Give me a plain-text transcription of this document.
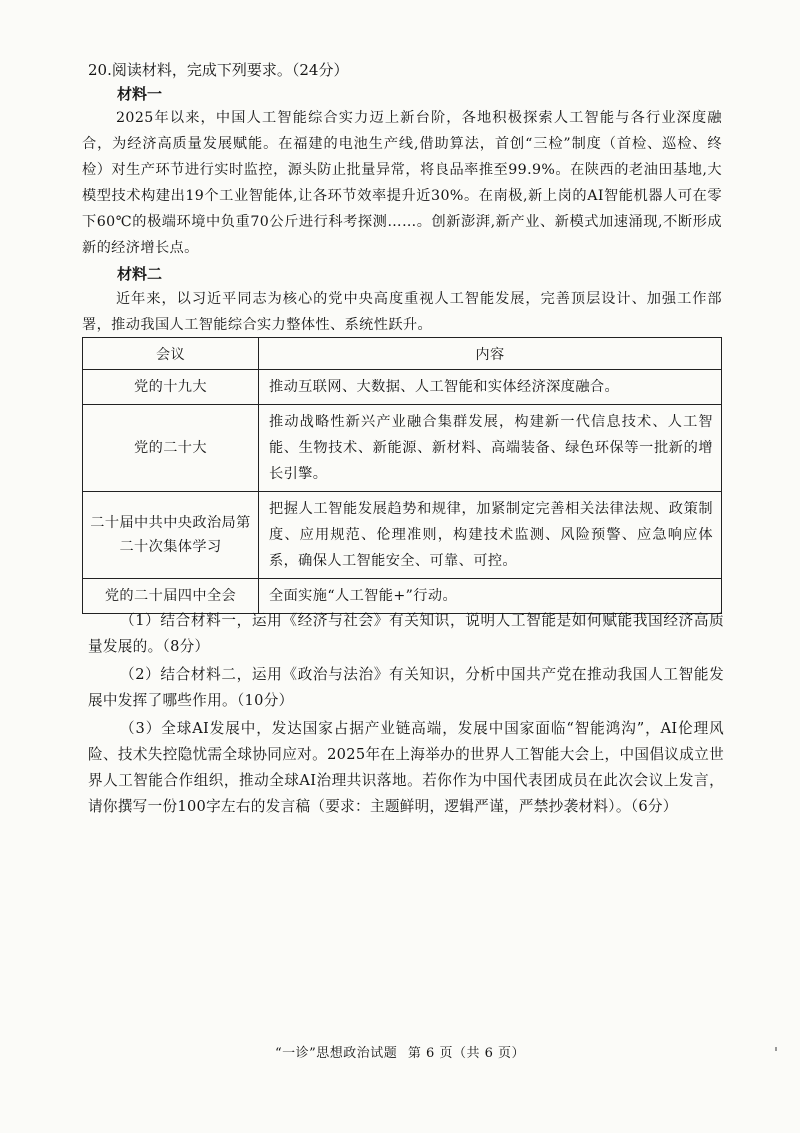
20.阅读材料，完成下列要求。（24分）
材料一
2025年以来，中国人工智能综合实力迈上新台阶，各地积极探索人工智能与各行业深度融合，为经济高质量发展赋能。在福建的电池生产线,借助算法，首创“三检”制度（首检、巡检、终检）对生产环节进行实时监控，源头防止批量异常，将良品率推至99.9%。在陕西的老油田基地,大模型技术构建出19个工业智能体,让各环节效率提升近30%。在南极,新上岗的AI智能机器人可在零下60℃的极端环境中负重70公斤进行科考探测……。创新澎湃,新产业、新模式加速涌现,不断形成新的经济增长点。
材料二
近年来，以习近平同志为核心的党中央高度重视人工智能发展，完善顶层设计、加强工作部署，推动我国人工智能综合实力整体性、系统性跃升。
会议	内容
党的十九大	推动互联网、大数据、人工智能和实体经济深度融合。
党的二十大	推动战略性新兴产业融合集群发展，构建新一代信息技术、人工智能、生物技术、新能源、新材料、高端装备、绿色环保等一批新的增长引擎。
二十届中共中央政治局第二十次集体学习	把握人工智能发展趋势和规律，加紧制定完善相关法律法规、政策制度、应用规范、伦理准则，构建技术监测、风险预警、应急响应体系，确保人工智能安全、可靠、可控。
党的二十届四中全会	全面实施“人工智能+”行动。
（1）结合材料一，运用《经济与社会》有关知识，说明人工智能是如何赋能我国经济高质量发展的。（8分）
（2）结合材料二，运用《政治与法治》有关知识，分析中国共产党在推动我国人工智能发展中发挥了哪些作用。（10分）
（3）全球AI发展中，发达国家占据产业链高端，发展中国家面临“智能鸿沟”，AI伦理风险、技术失控隐忧需全球协同应对。2025年在上海举办的世界人工智能大会上，中国倡议成立世界人工智能合作组织，推动全球AI治理共识落地。若你作为中国代表团成员在此次会议上发言，请你撰写一份100字左右的发言稿（要求：主题鲜明，逻辑严谨，严禁抄袭材料）。（6分）
“一诊”思想政治试题 第 6 页（共 6 页）
